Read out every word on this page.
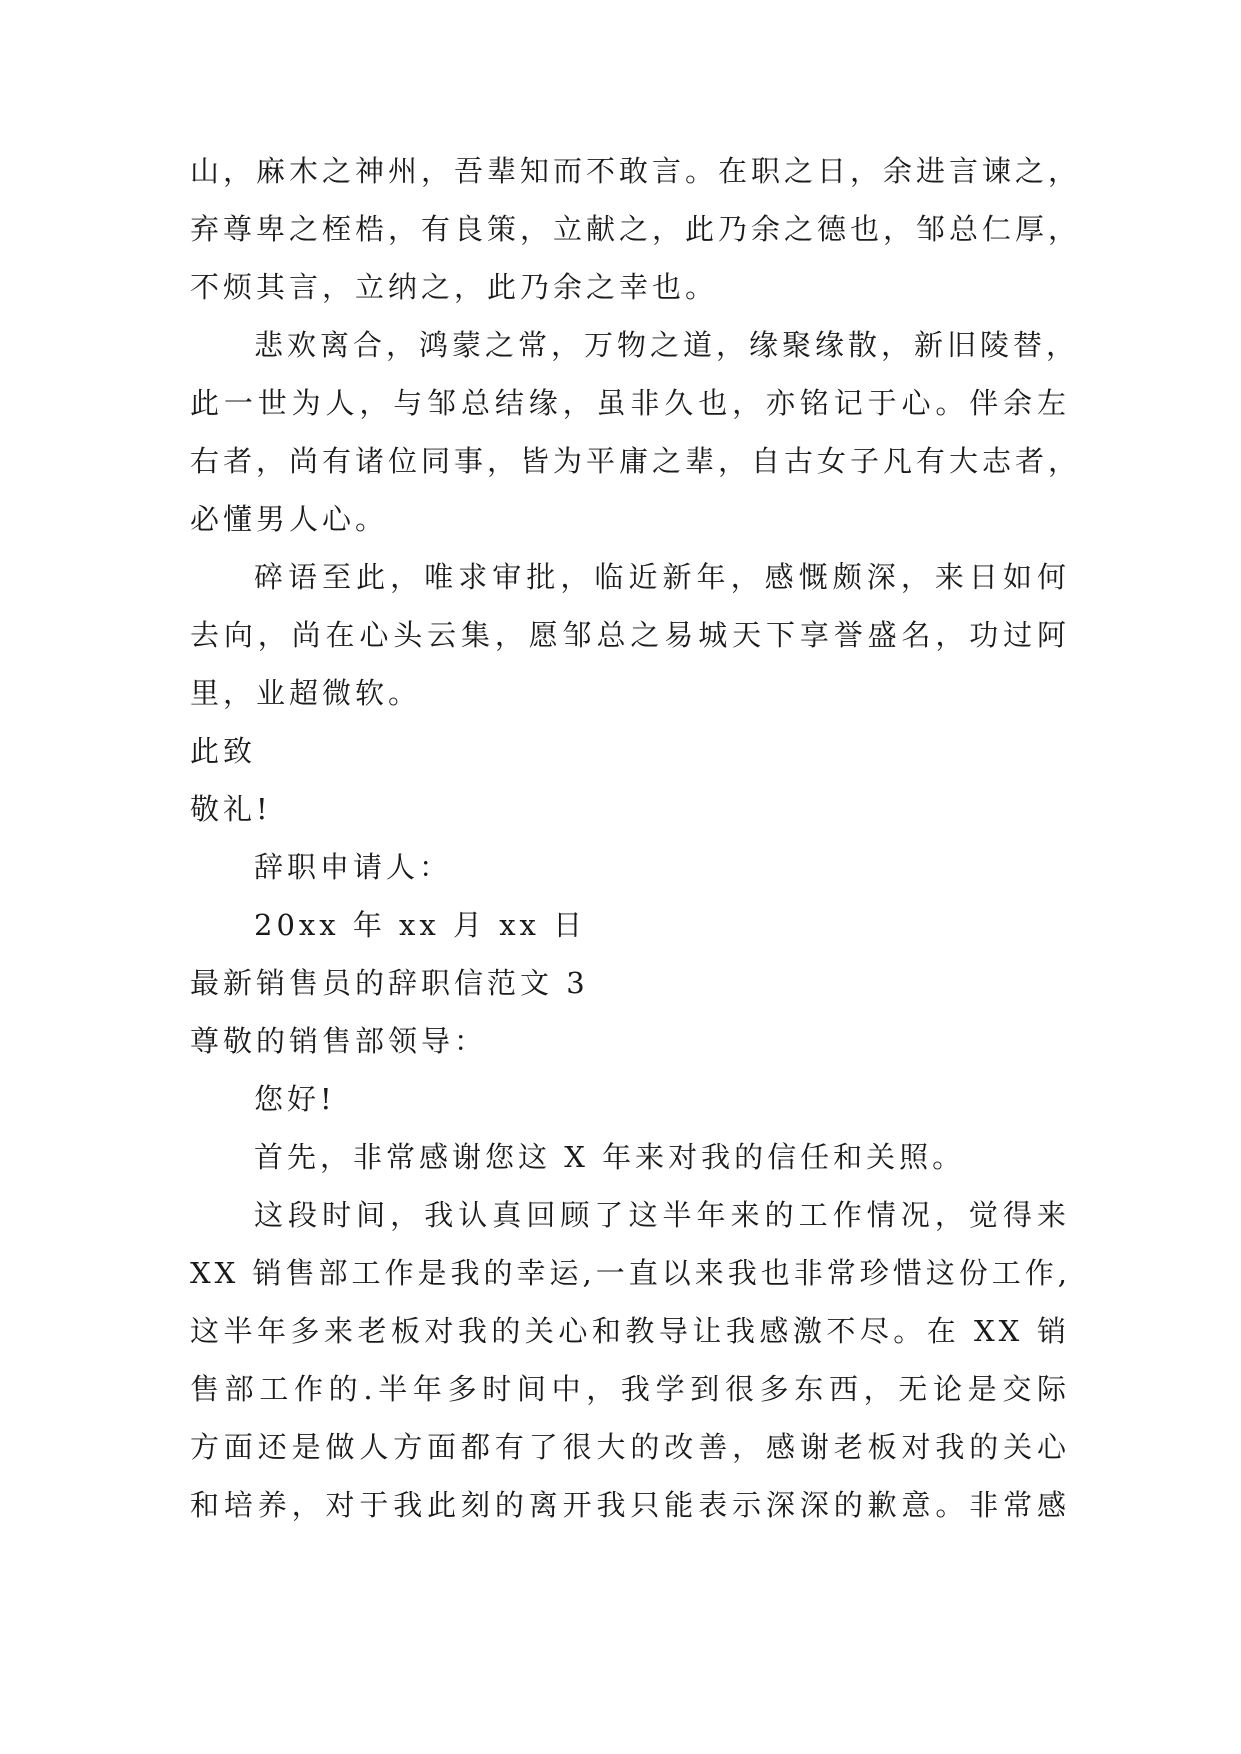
山，麻木之神州，吾辈知而不敢言。在职之日，余进言谏之，
弃尊卑之桎梏，有良策，立献之，此乃余之德也，邹总仁厚，
不烦其言，立纳之，此乃余之幸也。
悲欢离合，鸿蒙之常，万物之道，缘聚缘散，新旧陵替，
此一世为人，与邹总结缘，虽非久也，亦铭记于心。伴余左
右者，尚有诸位同事，皆为平庸之辈，自古女子凡有大志者，
必懂男人心。
碎语至此，唯求审批，临近新年，感慨颇深，来日如何
去向，尚在心头云集，愿邹总之易城天下享誉盛名，功过阿
里，业超微软。
此致
敬礼!
辞职申请人：
20xx 年 xx 月 xx 日
最新销售员的辞职信范文 3
尊敬的销售部领导：
您好!
首先，非常感谢您这 X 年来对我的信任和关照。
这段时间，我认真回顾了这半年来的工作情况，觉得来
XX 销售部工作是我的幸运,一直以来我也非常珍惜这份工作,
这半年多来老板对我的关心和教导让我感激不尽。在 XX 销
售部工作的.半年多时间中，我学到很多东西，无论是交际
方面还是做人方面都有了很大的改善，感谢老板对我的关心
和培养，对于我此刻的离开我只能表示深深的歉意。非常感
